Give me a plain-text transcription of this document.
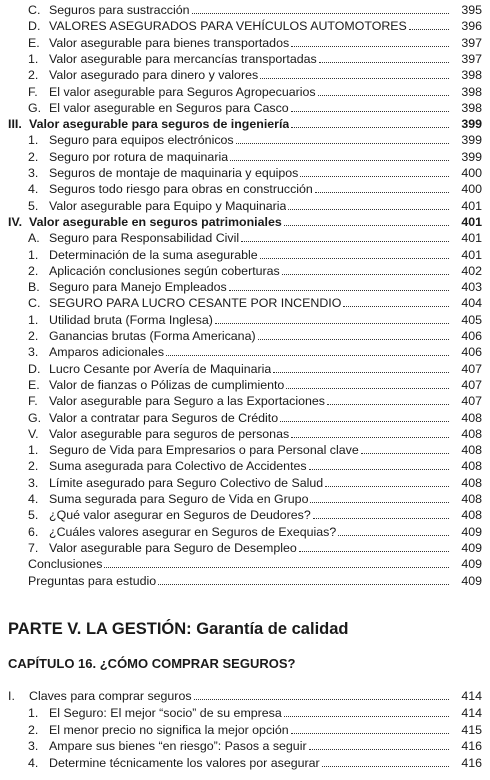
C. Seguros para sustracción	395
D. VALORES ASEGURADOS PARA VEHÍCULOS AUTOMOTORES	396
E. Valor asegurable para bienes transportados	397
1. Valor asegurable para mercancías transportadas	397
2. Valor asegurado para dinero y valores	398
F. El valor asegurable para Seguros Agropecuarios	398
G. El valor asegurable en Seguros para Casco	398
III. Valor asegurable para seguros de ingeniería	399
1. Seguro para equipos electrónicos	399
2. Seguro por rotura de maquinaria	399
3. Seguros de montaje de maquinaria y equipos	400
4. Seguros todo riesgo para obras en construcción	400
5. Valor asegurable para Equipo y Maquinaria	401
IV. Valor asegurable en seguros patrimoniales	401
A. Seguro para Responsabilidad Civil	401
1. Determinación de la suma asegurable	401
2. Aplicación conclusiones según coberturas	402
B. Seguro para Manejo Empleados	403
C. SEGURO PARA LUCRO CESANTE POR INCENDIO	404
1. Utilidad bruta (Forma Inglesa)	405
2. Ganancias brutas (Forma Americana)	406
3. Amparos adicionales	406
D. Lucro Cesante por Avería de Maquinaria	407
E. Valor de fianzas o Pólizas de cumplimiento	407
F. Valor asegurable para Seguro a las Exportaciones	407
G. Valor a contratar para Seguros de Crédito	408
V. Valor asegurable para seguros de personas	408
1. Seguro de Vida para Empresarios o para Personal clave	408
2. Suma asegurada para Colectivo de Accidentes	408
3. Límite asegurado para Seguro Colectivo de Salud	408
4. Suma segurada para Seguro de Vida en Grupo	408
5. ¿Qué valor asegurar en Seguros de Deudores?	408
6. ¿Cuáles valores asegurar en Seguros de Exequias?	409
7. Valor asegurable para Seguro de Desempleo	409
Conclusiones	409
Preguntas para estudio	409
PARTE V. LA GESTIÓN: Garantía de calidad
CAPÍTULO 16. ¿CÓMO COMPRAR SEGUROS?
I.	Claves para comprar seguros	414
1. El Seguro: El mejor “socio” de su empresa	414
2. El menor precio no significa la mejor opción	415
3. Ampare sus bienes “en riesgo”: Pasos a seguir	416
4. Determine técnicamente los valores por asegurar	416
